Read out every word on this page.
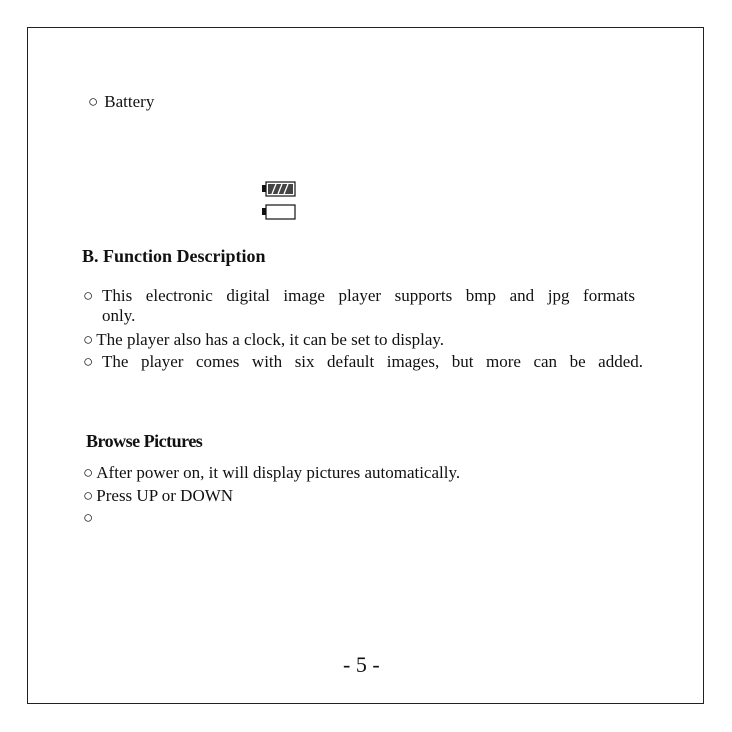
○ Battery
B. Function Description
○ This electronic digital image player supports bmp and jpg formats
only.
○ The player also has a clock, it can be set to display.
○ The player comes with six default images, but more can be added.
Browse Pictures
○ After power on, it will display pictures automatically.
○ Press UP or DOWN
○
- 5 -
